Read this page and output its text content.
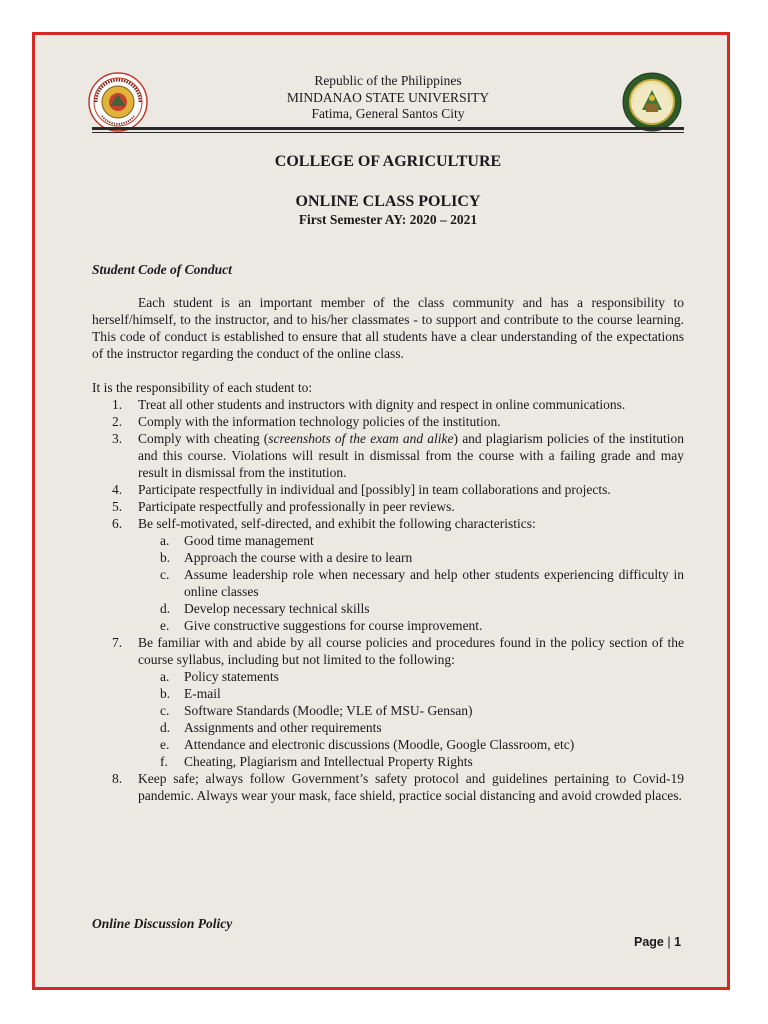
Republic of the Philippines
MINDANAO STATE UNIVERSITY
Fatima, General Santos City
COLLEGE OF AGRICULTURE
ONLINE CLASS POLICY
First Semester AY: 2020 – 2021
Student Code of Conduct

Each student is an important member of the class community and has a responsibility to herself/himself, to the instructor, and to his/her classmates - to support and contribute to the course learning. This code of conduct is established to ensure that all students have a clear understanding of the expectations of the instructor regarding the conduct of the online class.

It is the responsibility of each student to:

1. Treat all other students and instructors with dignity and respect in online communications.
2. Comply with the information technology policies of the institution.
3. Comply with cheating (screenshots of the exam and alike) and plagiarism policies of the institution and this course. Violations will result in dismissal from the course with a failing grade and may result in dismissal from the institution.
4. Participate respectfully in individual and [possibly] in team collaborations and projects.
5. Participate respectfully and professionally in peer reviews.
6. Be self-motivated, self-directed, and exhibit the following characteristics:
a. Good time management
b. Approach the course with a desire to learn
c. Assume leadership role when necessary and help other students experiencing difficulty in online classes
d. Develop necessary technical skills
e. Give constructive suggestions for course improvement.
7. Be familiar with and abide by all course policies and procedures found in the policy section of the course syllabus, including but not limited to the following:
a. Policy statements
b. E-mail
c. Software Standards (Moodle; VLE of MSU- Gensan)
d. Assignments and other requirements
e. Attendance and electronic discussions (Moodle, Google Classroom, etc)
f. Cheating, Plagiarism and Intellectual Property Rights
8. Keep safe; always follow Government’s safety protocol and guidelines pertaining to Covid-19 pandemic. Always wear your mask, face shield, practice social distancing and avoid crowded places.
Online Discussion Policy
Page | 1
